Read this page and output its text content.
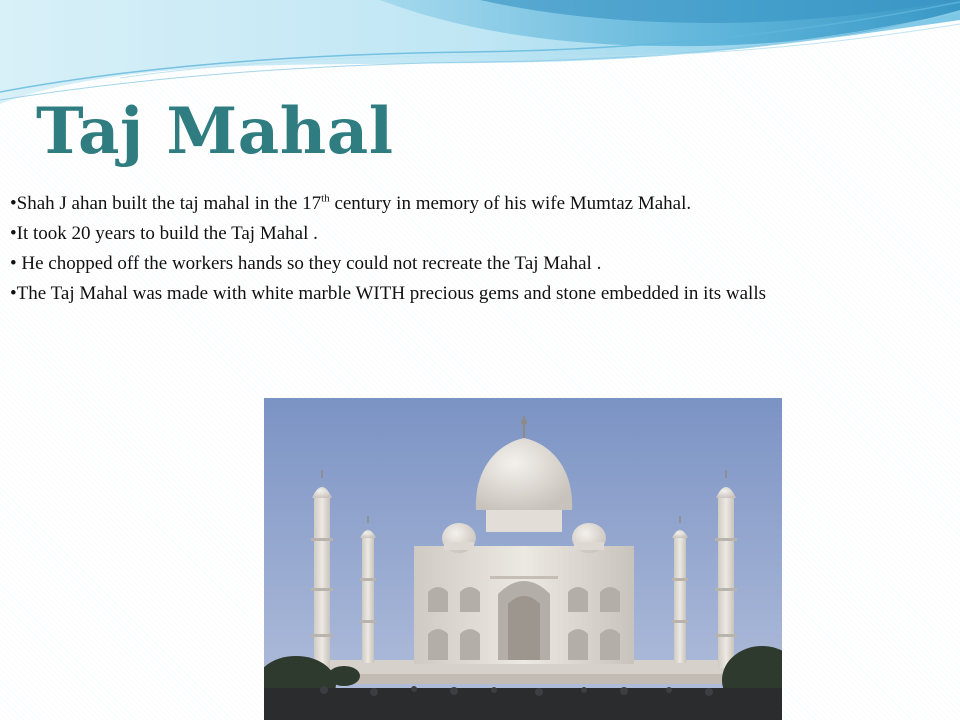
Taj Mahal
•Shah J ahan built the taj mahal in the 17th century in memory of his wife Mumtaz Mahal.
•It took 20 years to build the Taj Mahal .
• He chopped off the workers hands so they could not recreate the Taj Mahal .
•The Taj Mahal was made with white marble WITH precious gems and stone embedded in its walls
